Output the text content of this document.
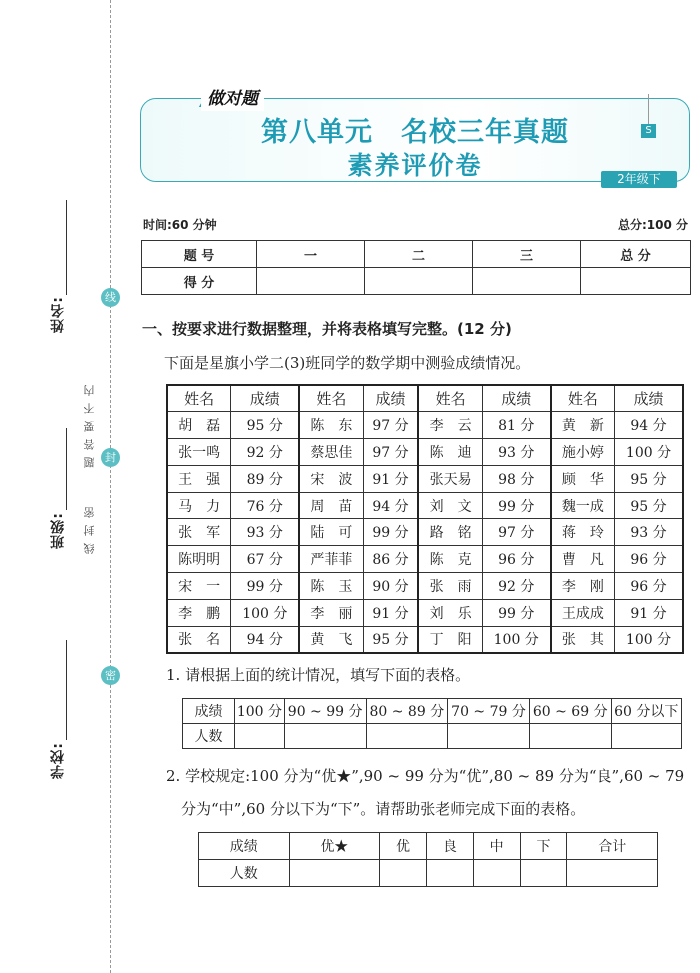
姓名:
班级:
学校:
线
封
密
题答要不内
线封密
做对题
第八单元　名校三年真题
素养评价卷
S
2年级下
时间:60 分钟	总分:100 分
题 号	一	二	三	总 分
得 分				
一、按要求进行数据整理，并将表格填写完整。(12 分)
下面是星旗小学二(3)班同学的数学期中测验成绩情况。
姓名	成绩	姓名	成绩	姓名	成绩	姓名	成绩
胡　磊	95 分	陈　东	97 分	李　云	81 分	黄　新	94 分
张一鸣	92 分	蔡思佳	97 分	陈　迪	93 分	施小婷	100 分
王　强	89 分	宋　波	91 分	张天易	98 分	顾　华	95 分
马　力	76 分	周　苗	94 分	刘　文	99 分	魏一成	95 分
张　军	93 分	陆　可	99 分	路　铭	97 分	蒋　玲	93 分
陈明明	67 分	严菲菲	86 分	陈　克	96 分	曹　凡	96 分
宋　一	99 分	陈　玉	90 分	张　雨	92 分	李　刚	96 分
李　鹏	100 分	李　丽	91 分	刘　乐	99 分	王成成	91 分
张　名	94 分	黄　飞	95 分	丁　阳	100 分	张　其	100 分
1. 请根据上面的统计情况，填写下面的表格。
成绩	100 分	90 ~ 99 分	80 ~ 89 分	70 ~ 79 分	60 ~ 69 分	60 分以下
人数						
2. 学校规定:100 分为“优★”,90 ~ 99 分为“优”,80 ~ 89 分为“良”,60 ~ 79
分为“中”,60 分以下为“下”。请帮助张老师完成下面的表格。
成绩	优★	优	良	中	下	合计
人数						
